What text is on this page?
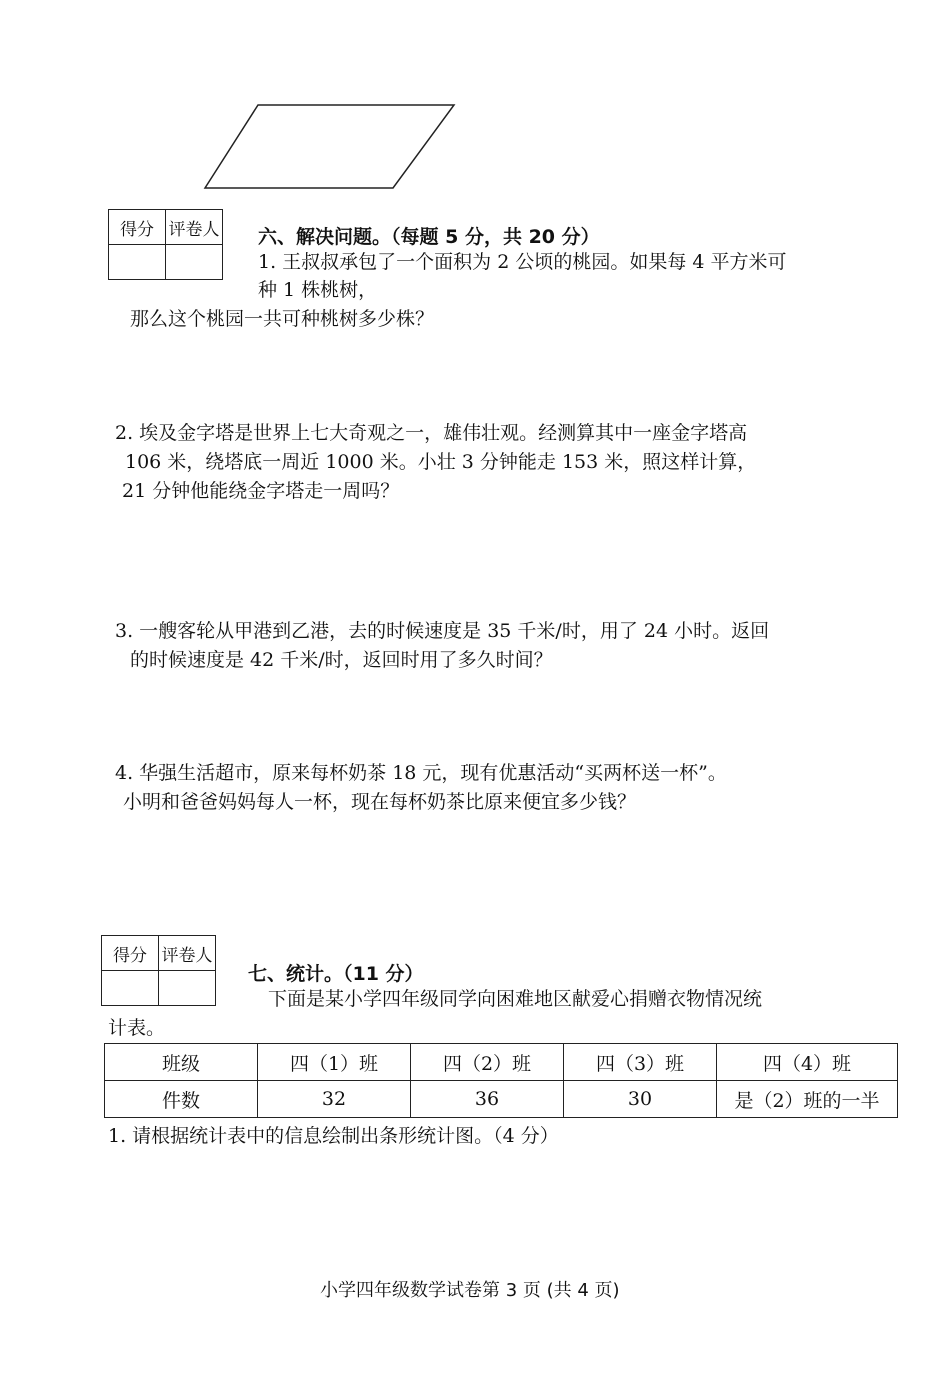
得分	评卷人
	六、解决问题。（每题 5 分，共 20 分）
1. 王叔叔承包了一个面积为 2 公顷的桃园。如果每 4 平方米可
种 1 株桃树，
那么这个桃园一共可种桃树多少株？
2. 埃及金字塔是世界上七大奇观之一，雄伟壮观。经测算其中一座金字塔高
106 米，绕塔底一周近 1000 米。小壮 3 分钟能走 153 米，照这样计算，
21 分钟他能绕金字塔走一周吗？
3. 一艘客轮从甲港到乙港，去的时候速度是 35 千米/时，用了 24 小时。返回
的时候速度是 42 千米/时，返回时用了多久时间？
4. 华强生活超市，原来每杯奶茶 18 元，现有优惠活动“买两杯送一杯”。
小明和爸爸妈妈每人一杯，现在每杯奶茶比原来便宜多少钱？
得分	评卷人

七、统计。（11 分）
下面是某小学四年级同学向困难地区献爱心捐赠衣物情况统
计表。
班级	四（1）班	四（2）班	四（3）班	四（4）班
件数	32	36	30	是（2）班的一半
1. 请根据统计表中的信息绘制出条形统计图。（4 分）
小学四年级数学试卷第 3 页 (共 4 页)
